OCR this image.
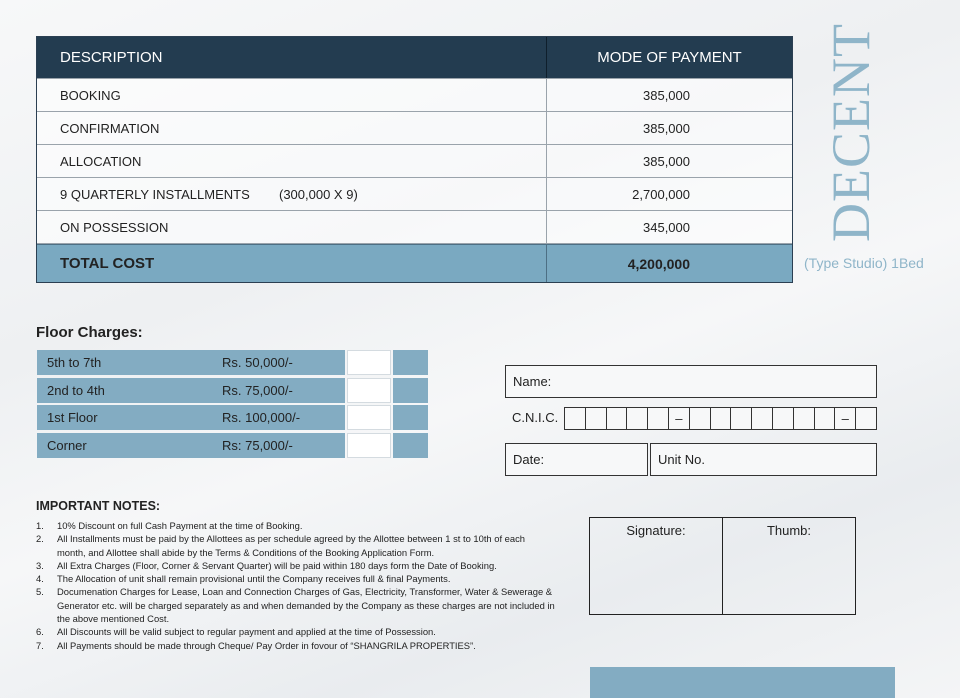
DESCRIPTION	MODE OF PAYMENT
BOOKING	385,000
CONFIRMATION	385,000
ALLOCATION	385,000
9 QUARTERLY INSTALLMENTS (300,000 X 9)	2,700,000
ON POSSESSION	345,000
TOTAL COST	4,200,000
DECENT
(Type Studio) 1Bed
Floor Charges:
5th to 7th	Rs. 50,000/-
2nd to 4th	Rs. 75,000/-
1st Floor	Rs. 100,000/-
Corner	Rs: 75,000/-
Name:
C.N.I.C.	–	–
Date:	Unit No.
IMPORTANT NOTES:
1.	10% Discount on full Cash Payment at the time of Booking.
2.	All Installments must be paid by the Allottees as per schedule agreed by the Allottee between 1 st to 10th of each month, and Allottee shall abide by the Terms & Conditions of the Booking Application Form.
3.	All Extra Charges (Floor, Corner & Servant Quarter) will be paid within 180 days form the Date of Booking.
4.	The Allocation of unit shall remain provisional until the Company receives full & final Payments.
5.	Documenation Charges for Lease, Loan and Connection Charges of Gas, Electricity, Transformer, Water & Sewerage & Generator etc. will be charged separately as and when demanded by the Company as these charges are not included in the above mentioned Cost.
6.	All Discounts will be valid subject to regular payment and applied at the time of Possession.
7.	All Payments should be made through Cheque/ Pay Order in fovour of “SHANGRILA PROPERTIES”.
Signature:	Thumb:
